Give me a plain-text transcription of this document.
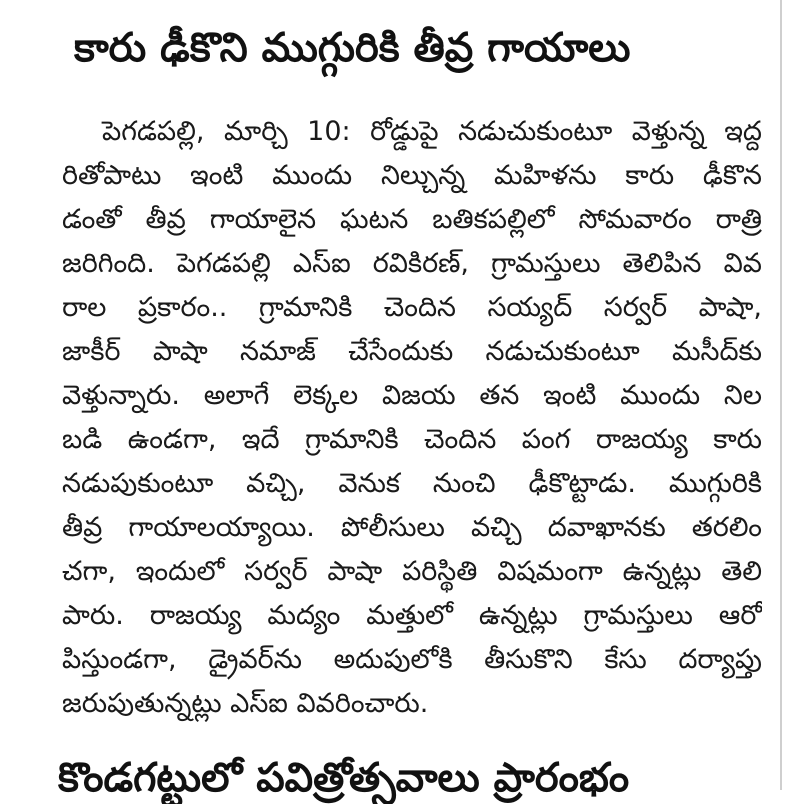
కారు ఢీకొని ముగ్గురికి తీవ్ర గాయాలు
పెగడపల్లి, మార్చి 10: రోడ్డుపై నడుచుకుంటూ వెళ్తున్న ఇద్ద
రితోపాటు ఇంటి ముందు నిల్చున్న మహిళను కారు ఢీకొన
డంతో తీవ్ర గాయాలైన ఘటన బతికపల్లిలో సోమవారం రాత్రి
జరిగింది. పెగడపల్లి ఎస్ఐ రవికిరణ్, గ్రామస్తులు తెలిపిన వివ
రాల ప్రకారం.. గ్రామానికి చెందిన సయ్యద్ సర్వర్ పాషా,
జాకీర్ పాషా నమాజ్ చేసేందుకు నడుచుకుంటూ మసీద్‌కు
వెళ్తున్నారు. అలాగే లెక్కల విజయ తన ఇంటి ముందు నిల
బడి ఉండగా, ఇదే గ్రామానికి చెందిన పంగ రాజయ్య కారు
నడుపుకుంటూ వచ్చి, వెనుక నుంచి ఢీకొట్టాడు. ముగ్గురికి
తీవ్ర గాయాలయ్యాయి. పోలీసులు వచ్చి దవాఖానకు తరలిం
చగా, ఇందులో సర్వర్ పాషా పరిస్థితి విషమంగా ఉన్నట్లు తెలి
పారు. రాజయ్య మద్యం మత్తులో ఉన్నట్లు గ్రామస్తులు ఆరో
పిస్తుండగా, డ్రైవర్‌ను అదుపులోకి తీసుకొని కేసు దర్యాప్తు
జరుపుతున్నట్లు ఎస్ఐ వివరించారు.
కొండగట్టులో పవిత్రోత్సవాలు ప్రారంభం
